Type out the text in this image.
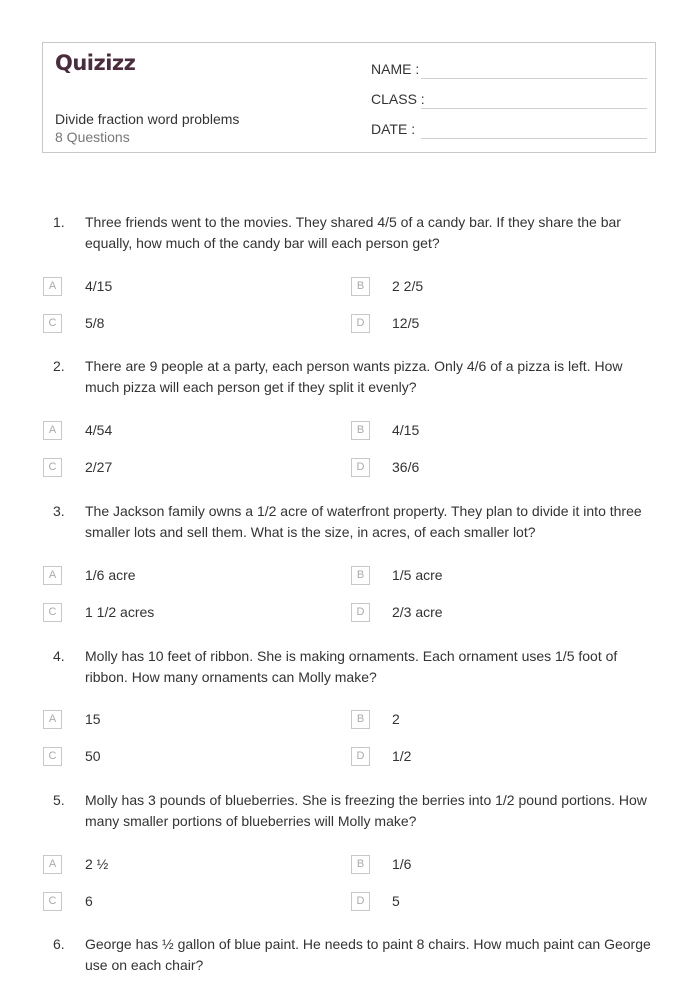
Quizizz
Divide fraction word problems
8 Questions
NAME :
CLASS :
DATE :
1.	Three friends went to the movies. They shared 4/5 of a candy bar. If they share the bar equally, how much of the candy bar will each person get?
A	4/15	B	2 2/5
C	5/8	D	12/5
2.	There are 9 people at a party, each person wants pizza. Only 4/6 of a pizza is left. How much pizza will each person get if they split it evenly?
A	4/54	B	4/15
C	2/27	D	36/6
3.	The Jackson family owns a 1/2 acre of waterfront property. They plan to divide it into three smaller lots and sell them. What is the size, in acres, of each smaller lot?
A	1/6 acre	B	1/5 acre
C	1 1/2 acres	D	2/3 acre
4.	Molly has 10 feet of ribbon. She is making ornaments. Each ornament uses 1/5 foot of ribbon. How many ornaments can Molly make?
A	15	B	2
C	50	D	1/2
5.	Molly has 3 pounds of blueberries. She is freezing the berries into 1/2 pound portions. How many smaller portions of blueberries will Molly make?
A	2 ½	B	1/6
C	6	D	5
6.	George has ½ gallon of blue paint. He needs to paint 8 chairs. How much paint can George use on each chair?
